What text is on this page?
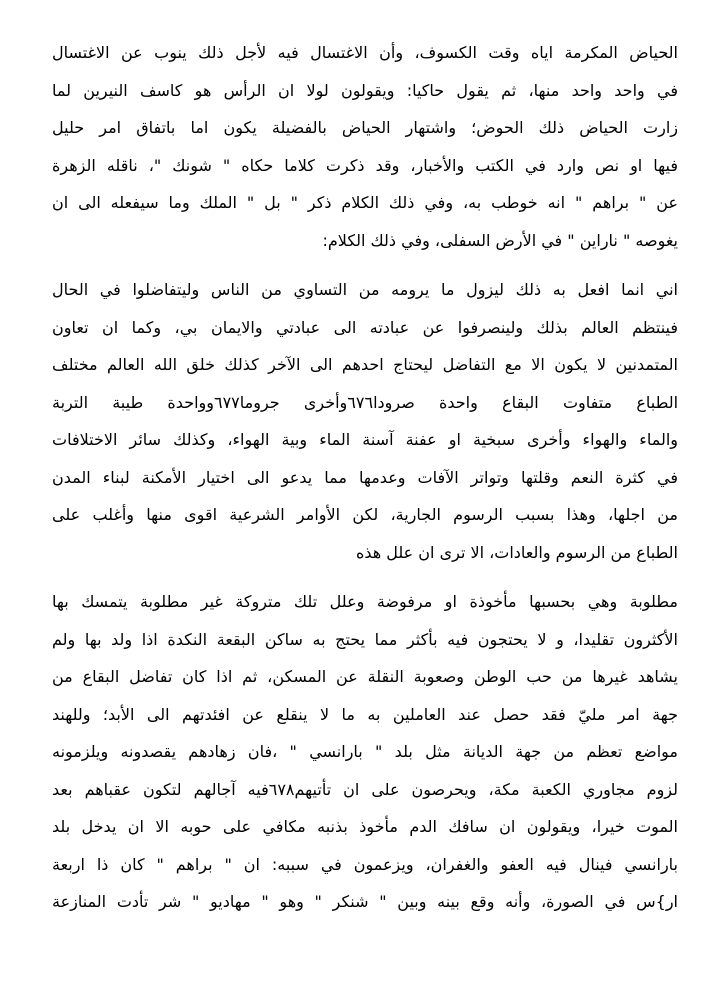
الحياض المكرمة اياه وقت الكسوف، وأن الاغتسال فيه لأجل ذلك ينوب عن الاغتسال
في واحد واحد منها، ثم يقول حاكيا: ويقولون لولا ان الرأس هو كاسف النيرين لما
زارت الحياض ذلك الحوض؛ واشتهار الحياض بالفضيلة يكون اما باتفاق امر حليل
فيها او نص وارد في الكتب والأخبار، وقد ذكرت كلاما حكاه " شونك "، ناقله الزهرة
عن " براهم " انه خوطب به، وفي ذلك الكلام ذكر " بل " الملك وما سيفعله الى ان
يغوصه " ناراين " في الأرض السفلى، وفي ذلك الكلام:

اني انما افعل به ذلك ليزول ما يرومه من التساوي من الناس وليتفاضلوا في الحال
فينتظم العالم بذلك ولينصرفوا عن عبادته الى عبادتي والايمان بي، وكما ان تعاون
المتمدنين لا يكون الا مع التفاضل ليحتاج احدهم الى الآخر كذلك خلق الله العالم مختلف
الطباع متفاوت البقاع واحدة صرودا٦٧٦وأخرى جروما٦٧٧وواحدة طيبة التربة
والماء والهواء وأخرى سبخية او عفنة آسنة الماء وبية الهواء، وكذلك سائر الاختلافات
في كثرة النعم وقلتها وتواتر الآفات وعدمها مما يدعو الى اختيار الأمكنة لبناء المدن
من اجلها، وهذا بسبب الرسوم الجارية، لكن الأوامر الشرعية اقوى منها وأغلب على
الطباع من الرسوم والعادات، الا ترى ان علل هذه

مطلوبة وهي بحسبها مأخوذة او مرفوضة وعلل تلك متروكة غير مطلوبة يتمسك بها
الأكثرون تقليدا، و لا يحتجون فيه بأكثر مما يحتج به ساكن البقعة النكدة اذا ولد بها ولم
يشاهد غيرها من حب الوطن وصعوبة النقلة عن المسكن، ثم اذا كان تفاضل البقاع من
جهة امر مليّ فقد حصل عند العاملين به ما لا ينقلع عن افئدتهم الى الأبد؛ وللهند
مواضع تعظم من جهة الديانة مثل بلد " بارانسي " ،فان زهادهم يقصدونه ويلزمونه
لزوم مجاوري الكعبة مكة، ويحرصون على ان تأتيهم٦٧٨فيه آجالهم لتكون عقباهم بعد
الموت خيرا، ويقولون ان سافك الدم مأخوذ بذنبه مكافي على حوبه الا ان يدخل بلد
بارانسي فينال فيه العفو والغفران، ويزعمون في سببه: ان " براهم " كان ذا اربعة
ار}س في الصورة، وأنه وقع بينه وبين " شنكر " وهو " مهاديو " شر تأدت المنازعة
